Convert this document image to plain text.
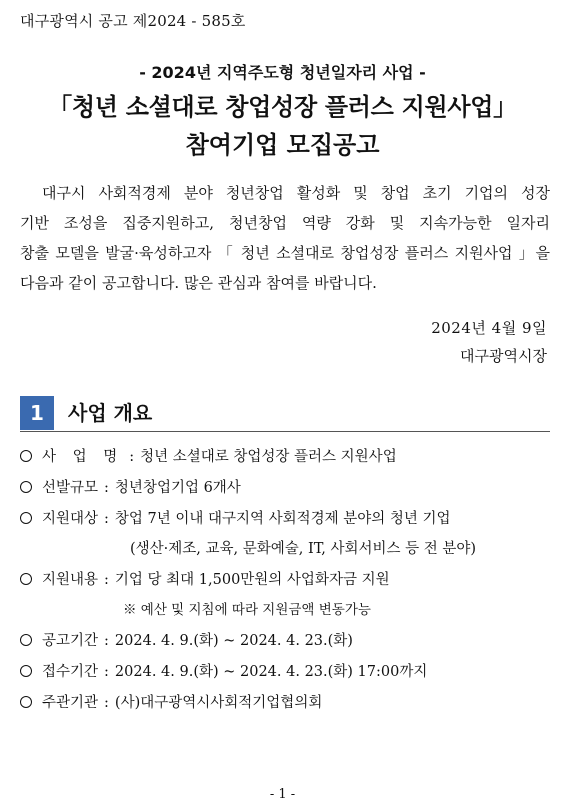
대구광역시 공고 제2024 - 585호
- 2024년 지역주도형 청년일자리 사업 -
「청년 소셜대로 창업성장 플러스 지원사업」
참여기업 모집공고
대구시 사회적경제 분야 청년창업 활성화 및 창업 초기 기업의 성장
기반 조성을 집중지원하고, 청년창업 역량 강화 및 지속가능한 일자리
창출 모델을 발굴·육성하고자 「 청년 소셜대로 창업성장 플러스 지원사업 」을
다음과 같이 공고합니다. 많은 관심과 참여를 바랍니다.
2024년 4월 9일
대구광역시장
1	사업 개요
사 업 명 : 청년 소셜대로 창업성장 플러스 지원사업
선발규모 : 청년창업기업 6개사
지원대상 : 창업 7년 이내 대구지역 사회적경제 분야의 청년 기업
(생산·제조, 교육, 문화예술, IT, 사회서비스 등 전 분야)
지원내용 : 기업 당 최대 1,500만원의 사업화자금 지원
※ 예산 및 지침에 따라 지원금액 변동가능
공고기간 : 2024. 4. 9.(화) ~ 2024. 4. 23.(화)
접수기간 : 2024. 4. 9.(화) ~ 2024. 4. 23.(화) 17:00까지
주관기관 : (사)대구광역시사회적기업협의회
- 1 -
